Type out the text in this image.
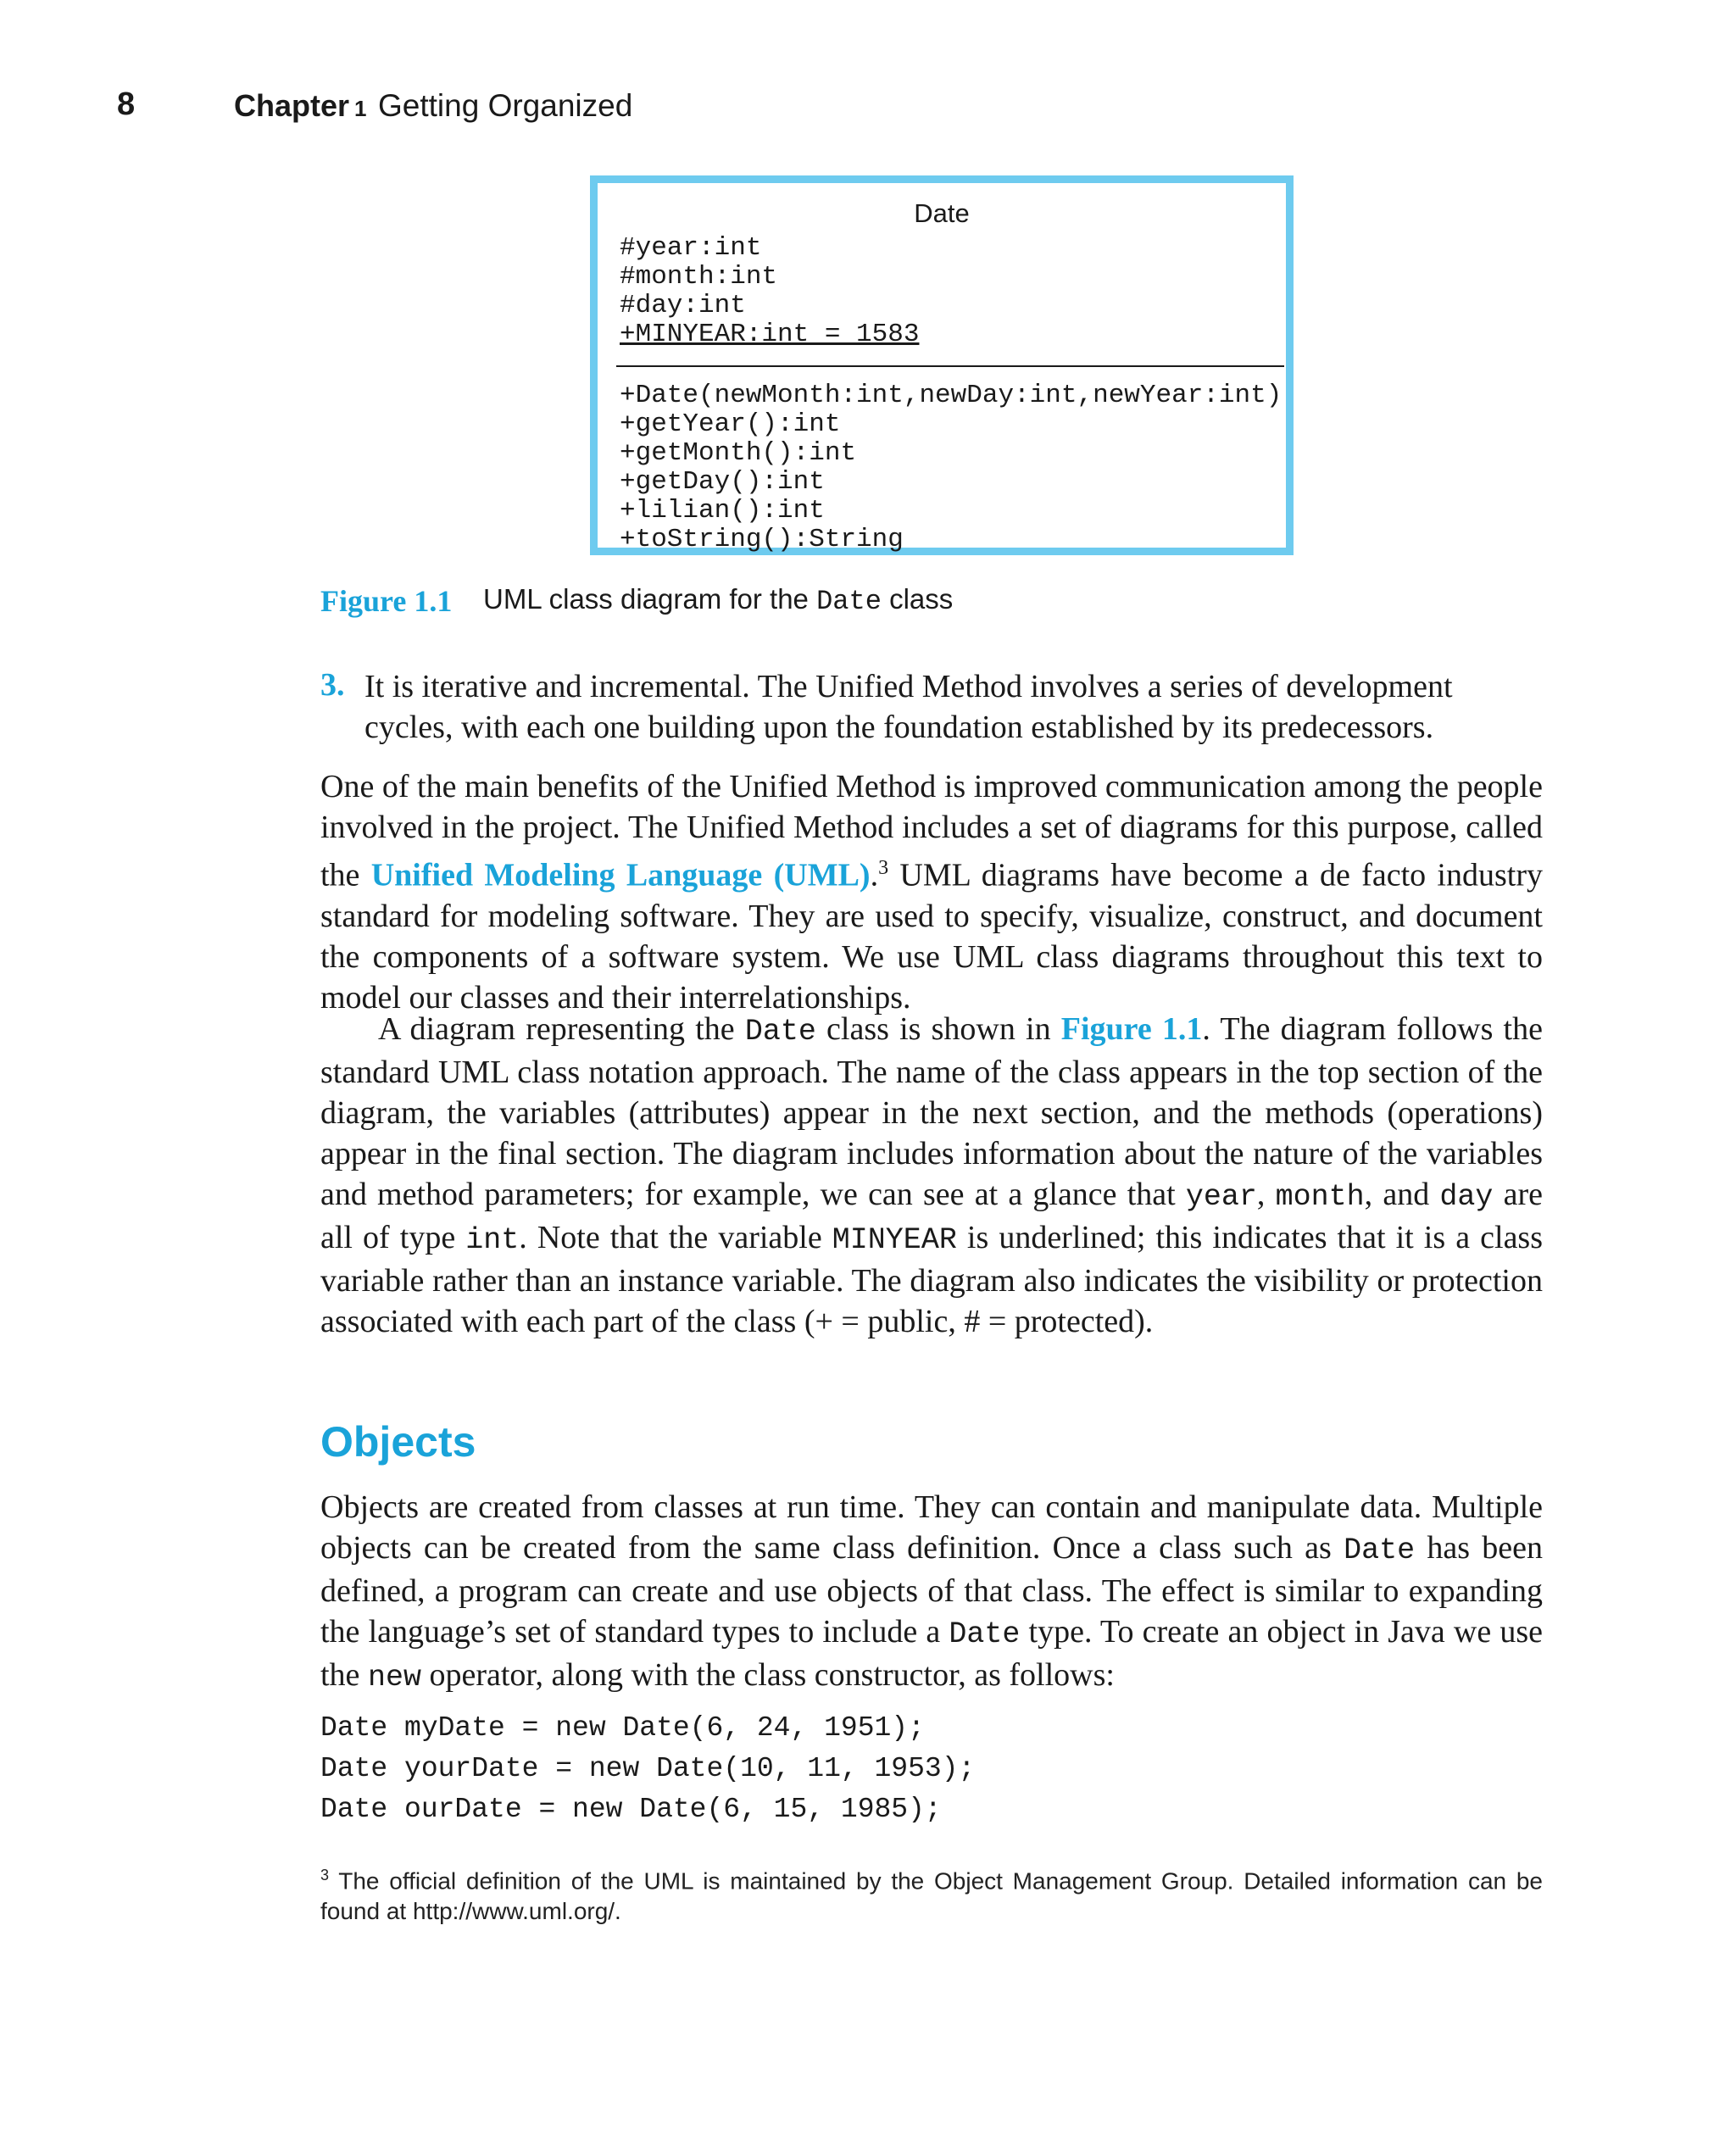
8	Chapter 1 Getting Organized
Date
#year:int
#month:int
#day:int
+MINYEAR:int = 1583
+Date(newMonth:int,newDay:int,newYear:int)
+getYear():int
+getMonth():int
+getDay():int
+lilian():int
+toString():String
Figure 1.1 UML class diagram for the Date class
3. It is iterative and incremental. The Unified Method involves a series of development cycles, with each one building upon the foundation established by its predecessors.
One of the main benefits of the Unified Method is improved communication among the people involved in the project. The Unified Method includes a set of diagrams for this purpose, called the Unified Modeling Language (UML).$^3$ UML diagrams have become a de facto industry standard for modeling software. They are used to specify, visualize, construct, and document the components of a software system. We use UML class diagrams throughout this text to model our classes and their interrelationships.
A diagram representing the Date class is shown in Figure 1.1. The diagram follows the standard UML class notation approach. The name of the class appears in the top section of the diagram, the variables (attributes) appear in the next section, and the methods (operations) appear in the final section. The diagram includes information about the nature of the variables and method parameters; for example, we can see at a glance that year, month, and day are all of type int. Note that the variable MINYEAR is underlined; this indicates that it is a class variable rather than an instance variable. The diagram also indicates the visibility or protection associated with each part of the class (+ = public, # = protected).
Objects
Objects are created from classes at run time. They can contain and manipulate data. Multiple objects can be created from the same class definition. Once a class such as Date has been defined, a program can create and use objects of that class. The effect is similar to expanding the language’s set of standard types to include a Date type. To create an object in Java we use the new operator, along with the class constructor, as follows:
Date myDate = new Date(6, 24, 1951);
Date yourDate = new Date(10, 11, 1953);
Date ourDate = new Date(6, 15, 1985);
$^3$ The official definition of the UML is maintained by the Object Management Group. Detailed information can be found at http://www.uml.org/.
